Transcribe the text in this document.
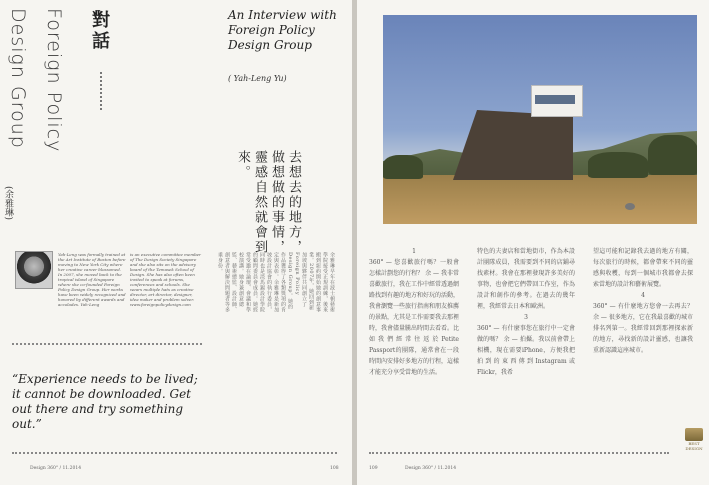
Foreign Policy
Design Group
(余雅琳)
對話	An Interview with Foreign Policy Design Group
( Yah-Leng Yu)
去想去的地方，做想做的事情，靈感自然就會到來。
Yah-Leng was formally trained at the Art Institute of Boston before moving to New York City where her creative career blossomed. In 2007, she moved back to the tropical island of Singapore where she co-founded Foreign Policy Design Group. Her works have been widely recognized and honored by different awards and accolades. Yah-Leng
is an executive committee member of The Design Society Singapore and she also sits on the advisory board of the Temasek School of Design. She has also often been invited to speak at forums, conferences and schools. She wears multiple hats as creative director, art director, designer, idea maker and problem solver. www.foreignpolicydesign.com	余雅琳早年在波士頓藝術學院接受正規訓練，後來搬到紐約開始她的創意事業。2007年，她回到新加坡與夥伴共同創立了Foreign Policy Design Group。她的作品獲得了各類獎項的肯定與表彰。余雅琳是新加坡設計協會的執行委員，同時也是淡馬錫設計學院的顧問委員會成員。她經常受邀在論壇、會議和學校演講。她身兼創意總監、藝術總監、設計師、創意者與解決問題者等多重身份。
“Experience needs to be lived; it cannot be downloaded. Get out there and try something out.”
Design 360° / 11.2014	108
1
360° — 您喜歡旅行嗎？一般會怎樣計劃您的行程？ 余 — 我非常喜歡旅行，我在工作中經常透過網路找到有趣的地方和好玩的活動，我會瀏覽一些旅行指南和朋友推薦的景點，尤其是工作需要我去那裡時，我會儘量騰出時間去看看。比如我們經常往返於Petite Passport的團隊，通常會在一段時間內安排好多地方的行程，這樣才能充分享受當地的生活。
特色的夫妻店和當地街市，作為本設計團隊成員，我需要到不同的店鋪尋找素材。我會在那裡發現許多美好的事物，也會把它們帶回工作室，作為設計和創作的參考。在過去的幾年裡，我經常去日本和歐洲。
3
360° — 有什麼事您在旅行中一定會做的嗎？ 余 — 拍攝。我以前會帶上相機，現在需要iPhone，方便我把拍到的東西傳到Instagram或Flickr，我希
望這可能和記錄我去過的地方有關，每次旅行的時候，都會帶來不同的靈感與收穫，每到一個城市我都會去探索當地的設計和藝術展覽。
4
360° — 有什麼地方您會一去再去？ 余 — 很多地方，它在我最喜歡的城市排名列第一。我經常回到那裡探索新的地方，尋找新的設計靈感，也讓我重新認識這座城市。
109	Design 360° / 11.2014
BEST DESIGN
